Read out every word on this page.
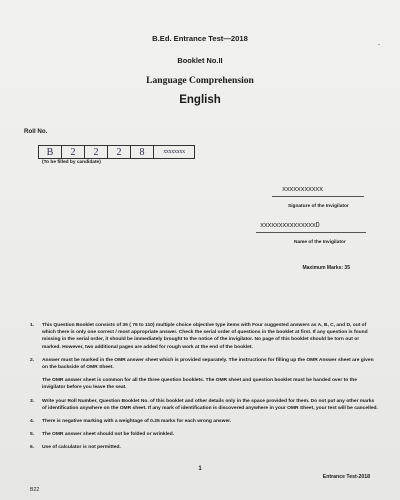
-
B.Ed. Entrance Test—2018
Booklet No.II
Language Comprehension
English
Roll No.
B	2	2	2	8	xxxxxxxx
(To be filled by candidate)
xxxxxxxxxxx
Signature of the Invigilator
xxxxxxxxxxxxxxxD
Name of the Invigilator
Maximum Marks: 35
1.	This Question Booklet consists of 35 ( 76 to 110) multiple choice objective type items with Four suggested answers as A, B, C, and D, out of which there is only one correct / most appropriate answer. Check the serial order of questions in the booklet at first. If any question is found missing in the serial order, it should be immediately brought to the notice of the invigilator. No page of this booklet should be torn out or marked. However, two additional pages are added for rough work at the end of the booklet.
2.	Answer must be marked in the OMR answer sheet which is provided separately. The instructions for filling up the OMR Answer sheet are given on the backside of OMR Sheet.
The OMR answer sheet is common for all the three question booklets. The OMR sheet and question booklet must be handed over to the invigilator before you leave the seat.
3.	Write your Roll Number, Question Booklet No. of this booklet and other details only in the space provided for them. Do not put any other marks of identification anywhere on the OMR sheet. If any mark of identification is discovered anywhere in your OMR Sheet, your test will be cancelled.
4.	There is negative marking with a weightage of 0.25 marks for each wrong answer.
5.	The OMR answer sheet should not be folded or wrinkled.
6.	Use of calculator is not permitted.
1
Entrance Test-2018
B22
